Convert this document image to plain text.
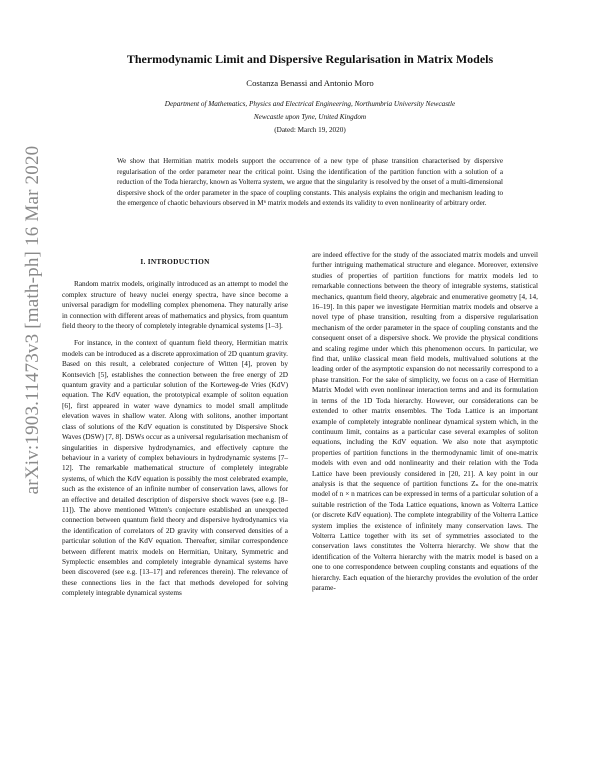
arXiv:1903.11473v3 [math-ph] 16 Mar 2020
Thermodynamic Limit and Dispersive Regularisation in Matrix Models
Costanza Benassi and Antonio Moro
Department of Mathematics, Physics and Electrical Engineering, Northumbria University Newcastle
Newcastle upon Tyne, United Kingdom
(Dated: March 19, 2020)
We show that Hermitian matrix models support the occurrence of a new type of phase transition characterised by dispersive regularisation of the order parameter near the critical point. Using the identification of the partition function with a solution of a reduction of the Toda hierarchy, known as Volterra system, we argue that the singularity is resolved by the onset of a multi-dimensional dispersive shock of the order parameter in the space of coupling constants. This analysis explains the origin and mechanism leading to the emergence of chaotic behaviours observed in M⁶ matrix models and extends its validity to even nonlinearity of arbitrary order.
I. INTRODUCTION

Random matrix models, originally introduced as an attempt to model the complex structure of heavy nuclei energy spectra, have since become a universal paradigm for modelling complex phenomena. They naturally arise in connection with different areas of mathematics and physics, from quantum field theory to the theory of completely integrable dynamical systems [1–3].

For instance, in the context of quantum field theory, Hermitian matrix models can be introduced as a discrete approximation of 2D quantum gravity. Based on this result, a celebrated conjecture of Witten [4], proven by Kontsevich [5], establishes the connection between the free energy of 2D quantum gravity and a particular solution of the Korteweg-de Vries (KdV) equation. The KdV equation, the prototypical example of soliton equation [6], first appeared in water wave dynamics to model small amplitude elevation waves in shallow water. Along with solitons, another important class of solutions of the KdV equation is constituted by Dispersive Shock Waves (DSW) [7, 8]. DSWs occur as a universal regularisation mechanism of singularities in dispersive hydrodynamics, and effectively capture the behaviour in a variety of complex behaviours in hydrodynamic systems [7–12]. The remarkable mathematical structure of completely integrable systems, of which the KdV equation is possibly the most celebrated example, such as the existence of an infinite number of conservation laws, allows for an effective and detailed description of dispersive shock waves (see e.g. [8–11]). The above mentioned Witten's conjecture established an unexpected connection between quantum field theory and dispersive hydrodynamics via the identification of correlators of 2D gravity with conserved densities of a particular solution of the KdV equation. Thereafter, similar correspondence between different matrix models on Hermitian, Unitary, Symmetric and Symplectic ensembles and completely integrable dynamical systems have been discovered (see e.g. [13–17] and references therein). The relevance of these connections lies in the fact that methods developed for solving completely integrable dynamical systems

are indeed effective for the study of the associated matrix models and unveil further intriguing mathematical structure and elegance. Moreover, extensive studies of properties of partition functions for matrix models led to remarkable connections between the theory of integrable systems, statistical mechanics, quantum field theory, algebraic and enumerative geometry [4, 14, 16–19]. In this paper we investigate Hermitian matrix models and observe a novel type of phase transition, resulting from a dispersive regularisation mechanism of the order parameter in the space of coupling constants and the consequent onset of a dispersive shock. We provide the physical conditions and scaling regime under which this phenomenon occurs. In particular, we find that, unlike classical mean field models, multivalued solutions at the leading order of the asymptotic expansion do not necessarily correspond to a phase transition. For the sake of simplicity, we focus on a case of Hermitian Matrix Model with even nonlinear interaction terms and and its formulation in terms of the 1D Toda hierarchy. However, our considerations can be extended to other matrix ensembles. The Toda Lattice is an important example of completely integrable nonlinear dynamical system which, in the continuum limit, contains as a particular case several examples of soliton equations, including the KdV equation. We also note that asymptotic properties of partition functions in the thermodynamic limit of one-matrix models with even and odd nonlinearity and their relation with the Toda Lattice have been previously considered in [20, 21]. A key point in our analysis is that the sequence of partition functions Zₙ for the one-matrix model of n × n matrices can be expressed in terms of a particular solution of a suitable restriction of the Toda Lattice equations, known as Volterra Lattice (or discrete KdV equation). The complete integrability of the Volterra Lattice system implies the existence of infinitely many conservation laws. The Volterra Lattice together with its set of symmetries associated to the conservation laws constitutes the Volterra hierarchy. We show that the identification of the Volterra hierarchy with the matrix model is based on a one to one correspondence between coupling constants and equations of the hierarchy. Each equation of the hierarchy provides the evolution of the order parame-
